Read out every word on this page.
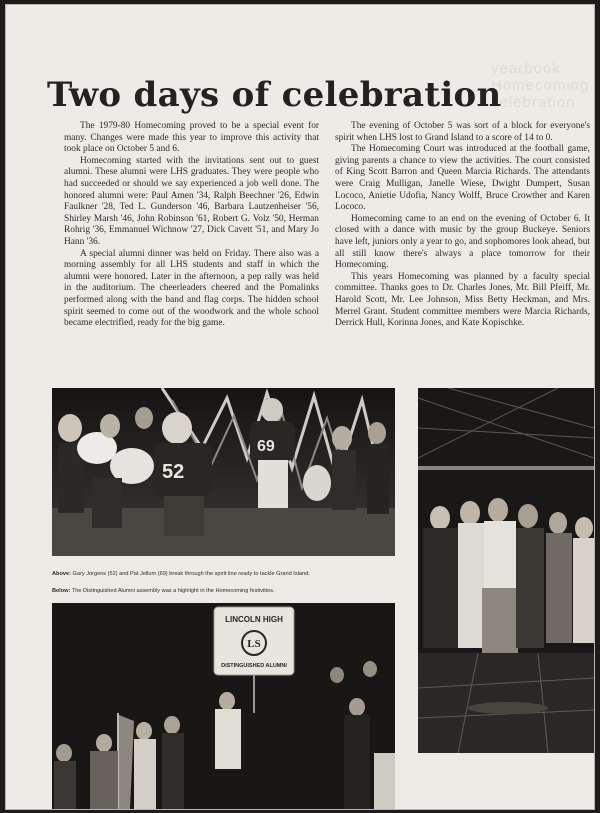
yearbook Homecoming celebration
Two days of celebration

The 1979-80 Homecoming proved to be a special event for many. Changes were made this year to improve this activity that took place on October 5 and 6.

Homecoming started with the invitations sent out to guest alumni. These alumni were LHS graduates. They were people who had succeeded or should we say experienced a job well done. The honored alumni were: Paul Amen '34, Ralph Beechner '26, Edwin Faulkner '28, Ted L. Gunderson '46, Barbara Lautzenheiser '56, Shirley Marsh '46, John Robinson '61, Robert G. Volz '50, Herman Rohrig '36, Emmanuel Wichnow '27, Dick Cavett '51, and Mary Jo Hann '36.

A special alumni dinner was held on Friday. There also was a morning assembly for all LHS students and staff in which the alumni were honored. Later in the afternoon, a pep rally was held in the auditorium. The cheerleaders cheered and the Pomalinks performed along with the band and flag corps. The hidden school spirit seemed to come out of the woodwork and the whole school became electrified, ready for the big game.

The evening of October 5 was sort of a block for everyone's spirit when LHS lost to Grand Island to a score of 14 to 0.

The Homecoming Court was introduced at the football game, giving parents a chance to view the activities. The court consisted of King Scott Barron and Queen Marcia Richards. The attendants were Craig Mulligan, Janelle Wiese, Dwight Dumpert, Susan Lococo, Anietie Udofia, Nancy Wolff, Bruce Crowther and Karen Lococo.

Homecoming came to an end on the evening of October 6. It closed with a dance with music by the group Buckeye. Seniors have left, juniors only a year to go, and sophomores look ahead, but all still know there's always a place tomorrow for their Homecoming.

This years Homecoming was planned by a faculty special committee. Thanks goes to Dr. Charles Jones, Mr. Bill Pfeiff, Mr. Harold Scott, Mr. Lee Johnson, Miss Betty Heckman, and Mrs. Merrel Grant. Student committee members were Marcia Richards, Derrick Hull, Korinna Jones, and Kate Kopischke.

52
69
Above: Gary Jorgens (52) and Pat Jellum (69) break through the spirit line ready to tackle Grand Island.
Below: The Distinguished Alumni assembly was a highlight in the Homecoming festivities.
LINCOLN HIGH
LS
DISTINGUISHED ALUMNI
